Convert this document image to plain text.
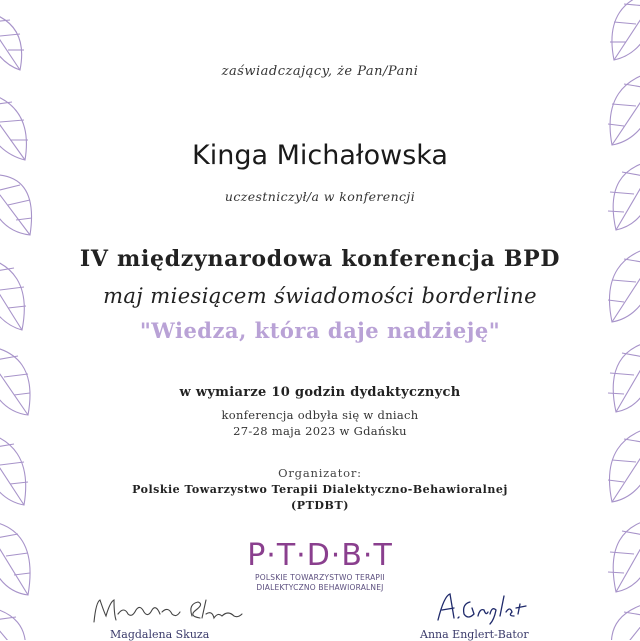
zaświadczający, że Pan/Pani
Kinga Michałowska
uczestniczył/a w konferencji
IV międzynarodowa konferencja BPD
maj miesiącem świadomości borderline
"Wiedza, która daje nadzieję"
w wymiarze 10 godzin dydaktycznych
konferencja odbyła się w dniach
27-28 maja 2023 w Gdańsku
Organizator:
Polskie Towarzystwo Terapii Dialektyczno-Behawioralnej
(PTDBT)
P·T·D·B·T
POLSKIE TOWARZYSTWO TERAPII
DIALEKTYCZNO BEHAWIORALNEJ
Magdalena Skuza	Anna Englert-Bator
